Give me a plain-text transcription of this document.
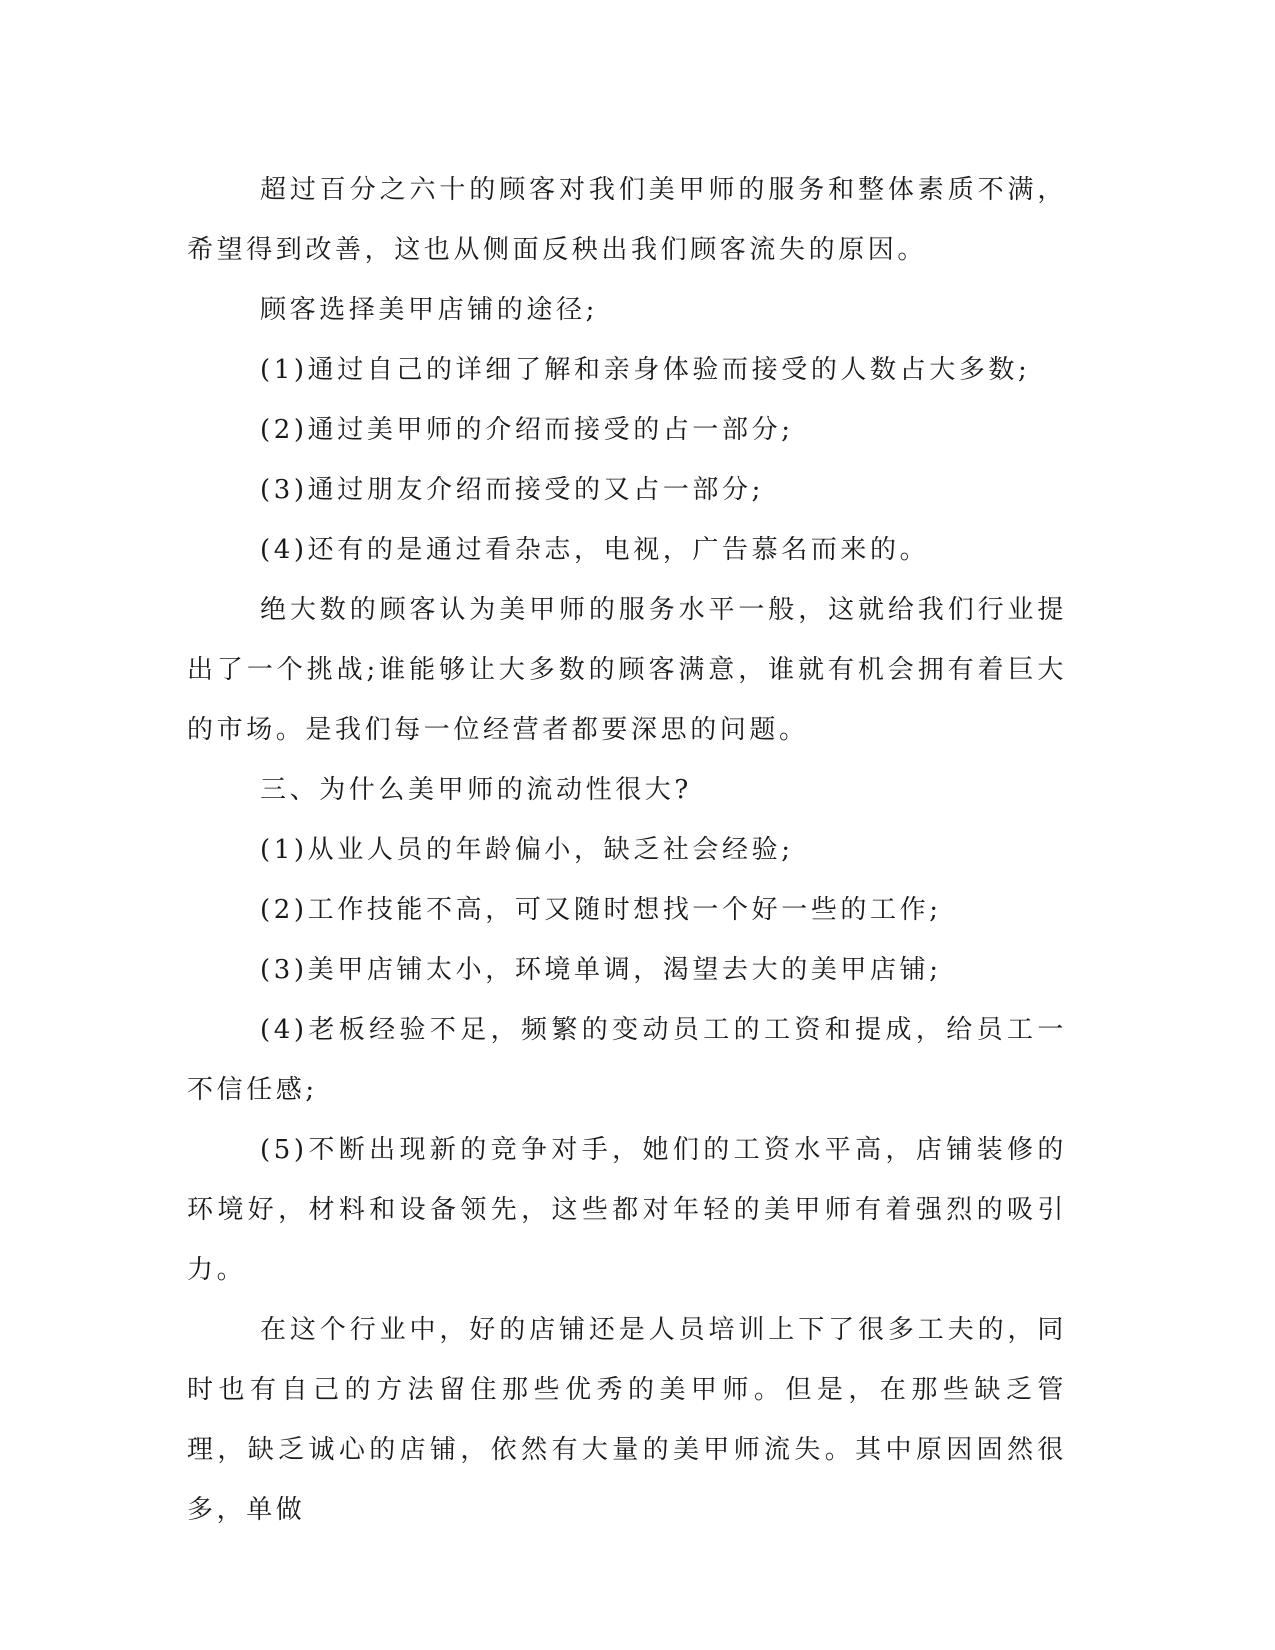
超过百分之六十的顾客对我们美甲师的服务和整体素质不满，希望得到改善，这也从侧面反秧出我们顾客流失的原因。

顾客选择美甲店铺的途径;

(1)通过自己的详细了解和亲身体验而接受的人数占大多数;

(2)通过美甲师的介绍而接受的占一部分;

(3)通过朋友介绍而接受的又占一部分;

(4)还有的是通过看杂志，电视，广告慕名而来的。

绝大数的顾客认为美甲师的服务水平一般，这就给我们行业提出了一个挑战;谁能够让大多数的顾客满意，谁就有机会拥有着巨大的市场。是我们每一位经营者都要深思的问题。

三、为什么美甲师的流动性很大?

(1)从业人员的年龄偏小，缺乏社会经验;

(2)工作技能不高，可又随时想找一个好一些的工作;

(3)美甲店铺太小，环境单调，渴望去大的美甲店铺;

(4)老板经验不足，频繁的变动员工的工资和提成，给员工一不信任感;

(5)不断出现新的竞争对手，她们的工资水平高，店铺装修的环境好，材料和设备领先，这些都对年轻的美甲师有着强烈的吸引力。

在这个行业中，好的店铺还是人员培训上下了很多工夫的，同时也有自己的方法留住那些优秀的美甲师。但是，在那些缺乏管理，缺乏诚心的店铺，依然有大量的美甲师流失。其中原因固然很多，单做
